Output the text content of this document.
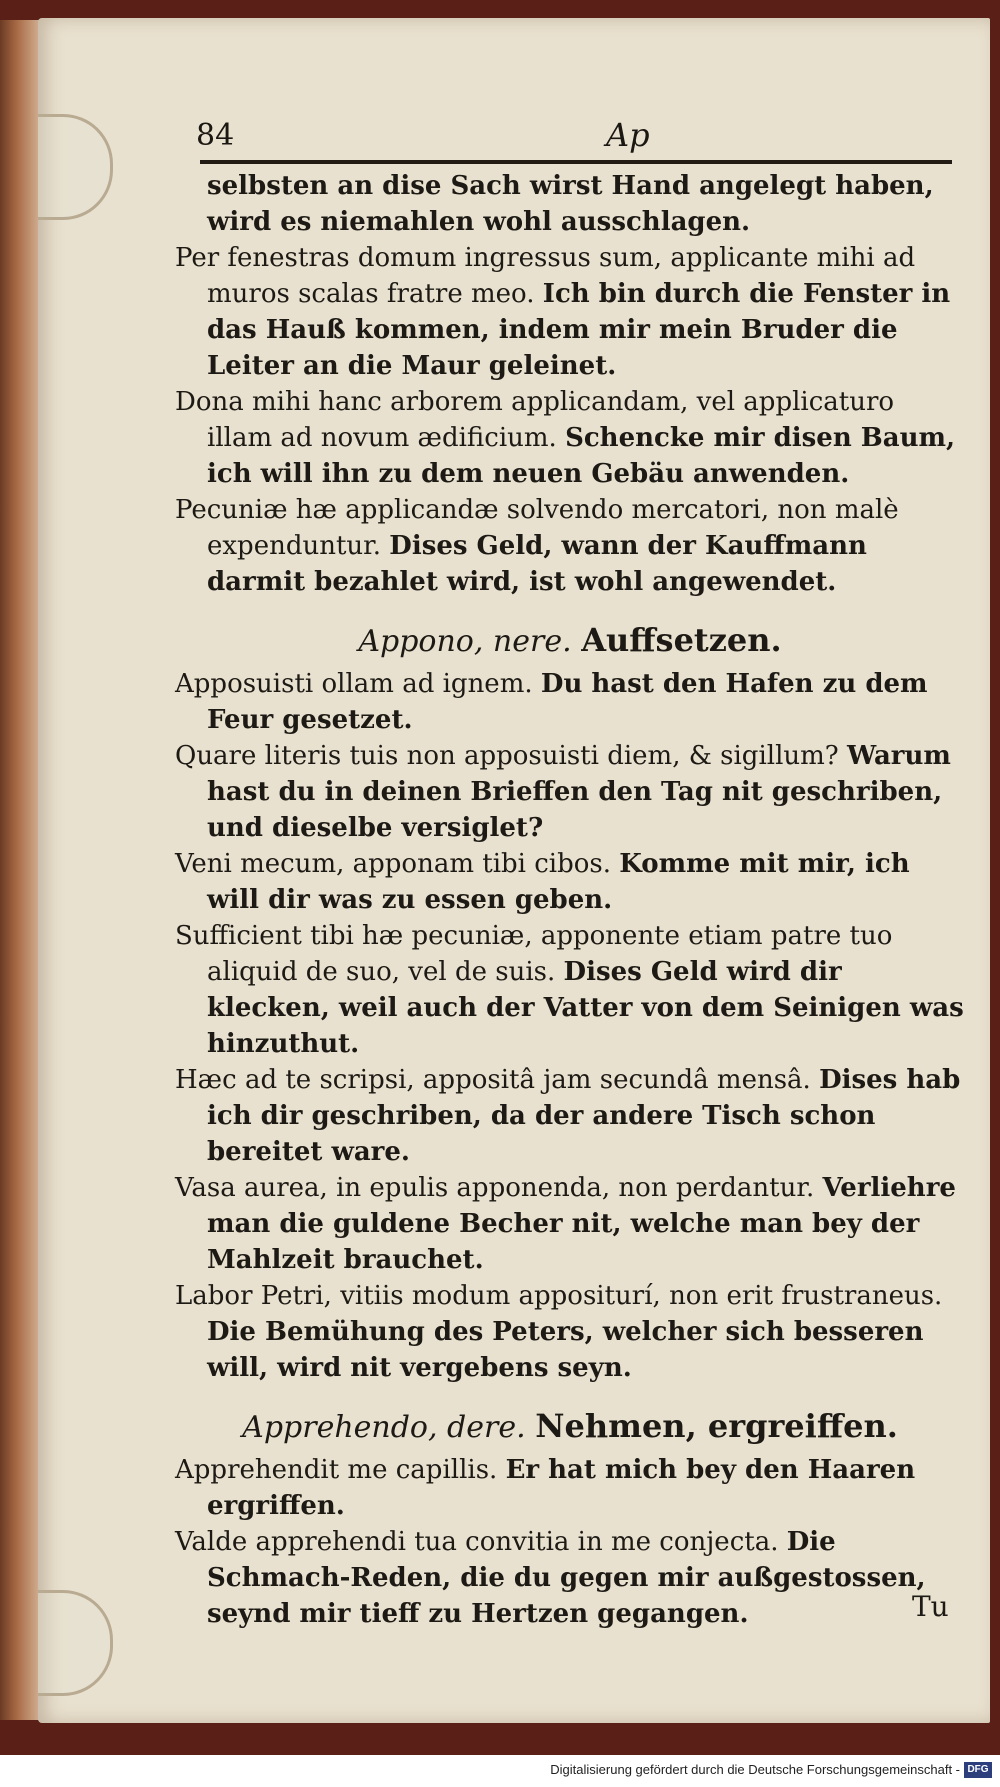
84	Ap

selbsten an dise Sach wirst Hand angelegt haben, wird es niemahlen wohl ausschlagen.

Per fenestras domum ingressus sum, applicante mihi ad muros scalas fratre meo. Ich bin durch die Fenster in das Hauß kommen, indem mir mein Bruder die Leiter an die Maur geleinet.

Dona mihi hanc arborem applicandam, vel applicaturo illam ad novum ædificium. Schencke mir disen Baum, ich will ihn zu dem neuen Gebäu anwenden.

Pecuniæ hæ applicandæ solvendo mercatori, non malè expenduntur. Dises Geld, wann der Kauffmann darmit bezahlet wird, ist wohl angewendet.

Appono, nere. Auffsetzen.

Apposuisti ollam ad ignem. Du hast den Hafen zu dem Feur gesetzet.

Quare literis tuis non apposuisti diem, & sigillum? Warum hast du in deinen Brieffen den Tag nit geschriben, und dieselbe versiglet?

Veni mecum, apponam tibi cibos. Komme mit mir, ich will dir was zu essen geben.

Sufficient tibi hæ pecuniæ, apponente etiam patre tuo aliquid de suo, vel de suis. Dises Geld wird dir klecken, weil auch der Vatter von dem Seinigen was hinzuthut.

Hæc ad te scripsi, appositâ jam secundâ mensâ. Dises hab ich dir geschriben, da der andere Tisch schon bereitet ware.

Vasa aurea, in epulis apponenda, non perdantur. Verliehre man die guldene Becher nit, welche man bey der Mahlzeit brauchet.

Labor Petri, vitiis modum appositurí, non erit frustraneus. Die Bemühung des Peters, welcher sich besseren will, wird nit vergebens seyn.

Apprehendo, dere. Nehmen, ergreiffen.

Apprehendit me capillis. Er hat mich bey den Haaren ergriffen.

Valde apprehendi tua convitia in me conjecta. Die Schmach-Reden, die du gegen mir außgestossen, seynd mir tieff zu Hertzen gegangen.	Tu
Digitalisierung gefördert durch die Deutsche Forschungsgemeinschaft - DFG
